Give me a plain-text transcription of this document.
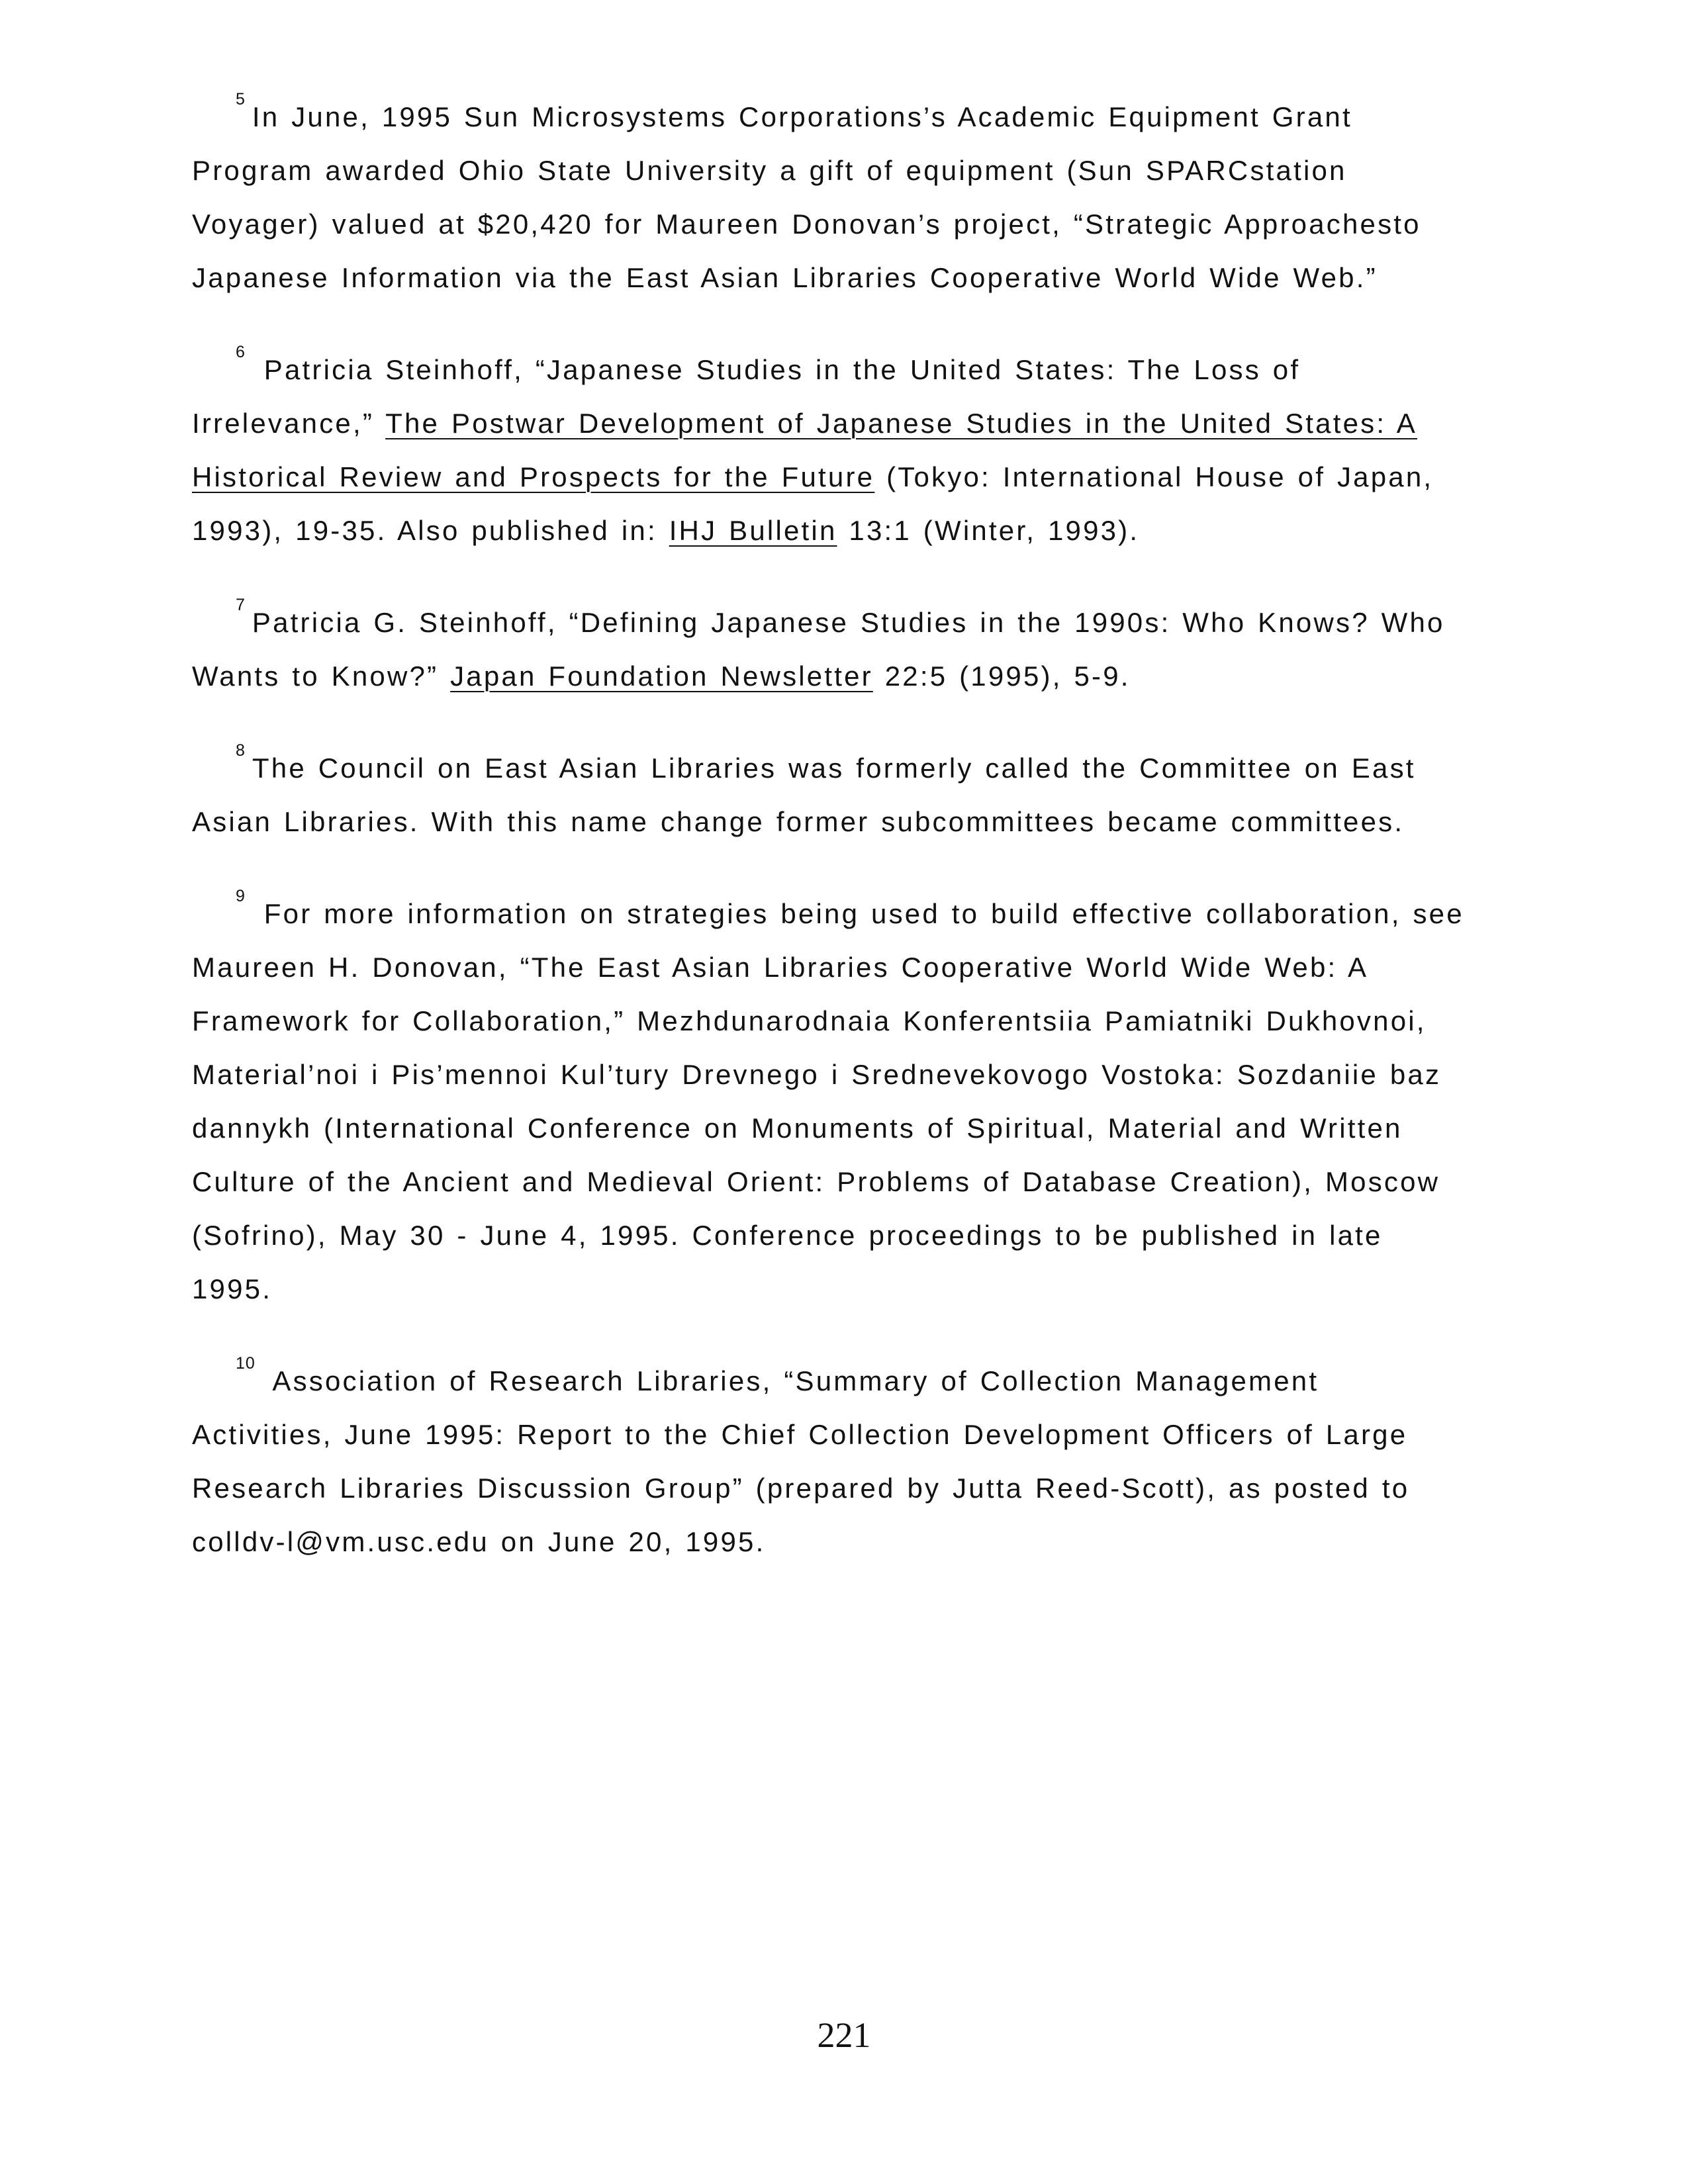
$^5$In June, 1995 Sun Microsystems Corporations’s Academic Equipment Grant Program awarded Ohio State University a gift of equipment (Sun SPARCstation Voyager) valued at $20,420 for Maureen Donovan’s project, “Strategic Approachesto Japanese Information via the East Asian Libraries Cooperative World Wide Web.”

$^6$ Patricia Steinhoff, “Japanese Studies in the United States: The Loss of Irrelevance,” The Postwar Development of Japanese Studies in the United States: A Historical Review and Prospects for the Future (Tokyo: International House of Japan, 1993), 19-35. Also published in: IHJ Bulletin 13:1 (Winter, 1993).

$^7$Patricia G. Steinhoff, “Defining Japanese Studies in the 1990s: Who Knows? Who Wants to Know?” Japan Foundation Newsletter 22:5 (1995), 5-9.

$^8$The Council on East Asian Libraries was formerly called the Committee on East Asian Libraries. With this name change former subcommittees became committees.

$^9$ For more information on strategies being used to build effective collaboration, see Maureen H. Donovan, “The East Asian Libraries Cooperative World Wide Web: A Framework for Collaboration,” Mezhdunarodnaia Konferentsiia Pamiatniki Dukhovnoi, Material’noi i Pis’mennoi Kul’tury Drevnego i Srednevekovogo Vostoka: Sozdaniie baz dannykh (International Conference on Monuments of Spiritual, Material and Written Culture of the Ancient and Medieval Orient: Problems of Database Creation), Moscow (Sofrino), May 30 - June 4, 1995. Conference proceedings to be published in late 1995.

$^{10}$ Association of Research Libraries, “Summary of Collection Management Activities, June 1995: Report to the Chief Collection Development Officers of Large Research Libraries Discussion Group” (prepared by Jutta Reed-Scott), as posted to colldv-l@vm.usc.edu on June 20, 1995.

221
